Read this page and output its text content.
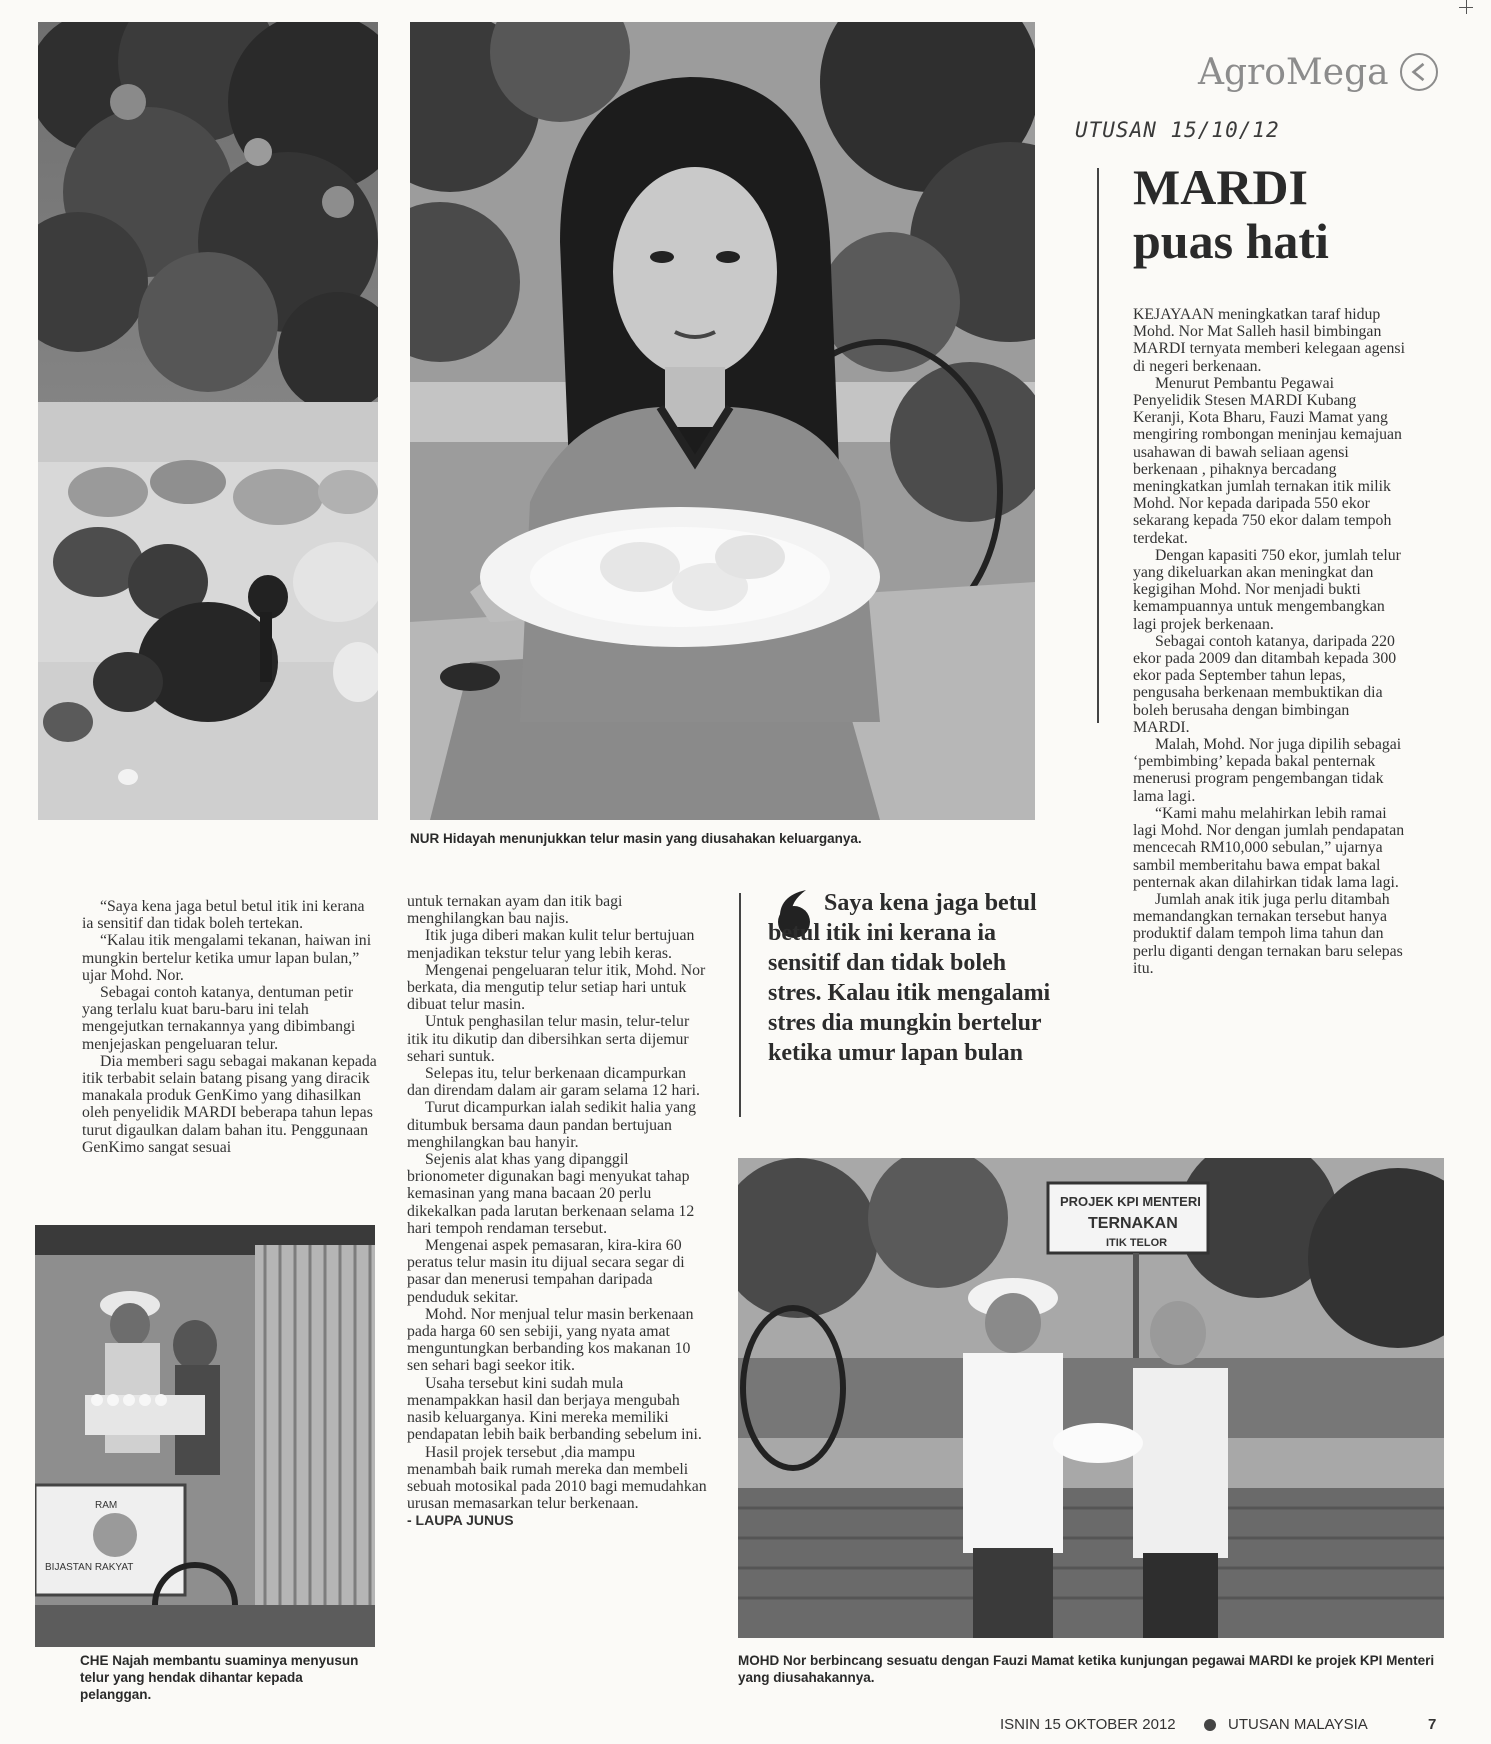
NUR Hidayah menunjukkan telur masin yang diusahakan keluarganya.
AgroMega
UTUSAN 15/10/12
MARDI
puas hati

KEJAYAAN meningkatkan taraf hidup Mohd. Nor Mat Salleh hasil bimbingan MARDI ternyata memberi kelegaan agensi di negeri berkenaan.

Menurut Pembantu Pegawai Penyelidik Stesen MARDI Kubang Keranji, Kota Bharu, Fauzi Mamat yang mengiring rombongan meninjau kemajuan usahawan di bawah seliaan agensi berkenaan , pihaknya bercadang meningkatkan jumlah ternakan itik milik Mohd. Nor kepada daripada 550 ekor sekarang kepada 750 ekor dalam tempoh terdekat.

Dengan kapasiti 750 ekor, jumlah telur yang dikeluarkan akan meningkat dan kegigihan Mohd. Nor menjadi bukti kemampuannya untuk mengembangkan lagi projek berkenaan.

Sebagai contoh katanya, daripada 220 ekor pada 2009 dan ditambah kepada 300 ekor pada September tahun lepas, pengusaha berkenaan membuktikan dia boleh berusaha dengan bimbingan MARDI.

Malah, Mohd. Nor juga dipilih sebagai ‘pembimbing’ kepada bakal penternak menerusi program pengembangan tidak lama lagi.

“Kami mahu melahirkan lebih ramai lagi Mohd. Nor dengan jumlah pendapatan mencecah RM10,000 sebulan,” ujarnya sambil memberitahu bawa empat bakal penternak akan dilahirkan tidak lama lagi.

Jumlah anak itik juga perlu ditambah memandangkan ternakan tersebut hanya produktif dalam tempoh lima tahun dan perlu diganti dengan ternakan baru selepas itu.

Saya kena jaga betul betul itik ini kerana ia sensitif dan tidak boleh stres. Kalau itik mengalami stres dia mungkin bertelur ketika umur lapan bulan

“Saya kena jaga betul betul itik ini kerana ia sensitif dan tidak boleh tertekan.

“Kalau itik mengalami tekanan, haiwan ini mungkin bertelur ketika umur lapan bulan,” ujar Mohd. Nor.

Sebagai contoh katanya, dentuman petir yang terlalu kuat baru-baru ini telah mengejutkan ternakannya yang dibimbangi menjejaskan pengeluaran telur.

Dia memberi sagu sebagai makanan kepada itik terbabit selain batang pisang yang diracik manakala produk GenKimo yang dihasilkan oleh penyelidik MARDI beberapa tahun lepas turut digaulkan dalam bahan itu. Penggunaan GenKimo sangat sesuai

untuk ternakan ayam dan itik bagi menghilangkan bau najis.

Itik juga diberi makan kulit telur bertujuan menjadikan tekstur telur yang lebih keras.

Mengenai pengeluaran telur itik, Mohd. Nor berkata, dia mengutip telur setiap hari untuk dibuat telur masin.

Untuk penghasilan telur masin, telur-telur itik itu dikutip dan dibersihkan serta dijemur sehari suntuk.

Selepas itu, telur berkenaan dicampurkan dan direndam dalam air garam selama 12 hari.

Turut dicampurkan ialah sedikit halia yang ditumbuk bersama daun pandan bertujuan menghilangkan bau hanyir.

Sejenis alat khas yang dipanggil brionometer digunakan bagi menyukat tahap kemasinan yang mana bacaan 20 perlu dikekalkan pada larutan berkenaan selama 12 hari tempoh rendaman tersebut.

Mengenai aspek pemasaran, kira-kira 60 peratus telur masin itu dijual secara segar di pasar dan menerusi tempahan daripada penduduk sekitar.

Mohd. Nor menjual telur masin berkenaan pada harga 60 sen sebiji, yang nyata amat menguntungkan berbanding kos makanan 10 sen sehari bagi seekor itik.

Usaha tersebut kini sudah mula menampakkan hasil dan berjaya mengubah nasib keluarganya. Kini mereka memiliki pendapatan lebih baik berbanding sebelum ini.

Hasil projek tersebut ,dia mampu menambah baik rumah mereka dan membeli sebuah motosikal pada 2010 bagi memudahkan urusan memasarkan telur berkenaan.

- LAUPA JUNUS
RAM
BIJASTAN RAKYAT
CHE Najah membantu suaminya menyusun telur yang hendak dihantar kepada pelanggan.
PROJEK KPI MENTERI
TERNAKAN
ITIK TELOR
MOHD Nor berbincang sesuatu dengan Fauzi Mamat ketika kunjungan pegawai MARDI ke projek KPI Menteri yang diusahakannya.
ISNIN 15 OKTOBER 2012	UTUSAN MALAYSIA	7
